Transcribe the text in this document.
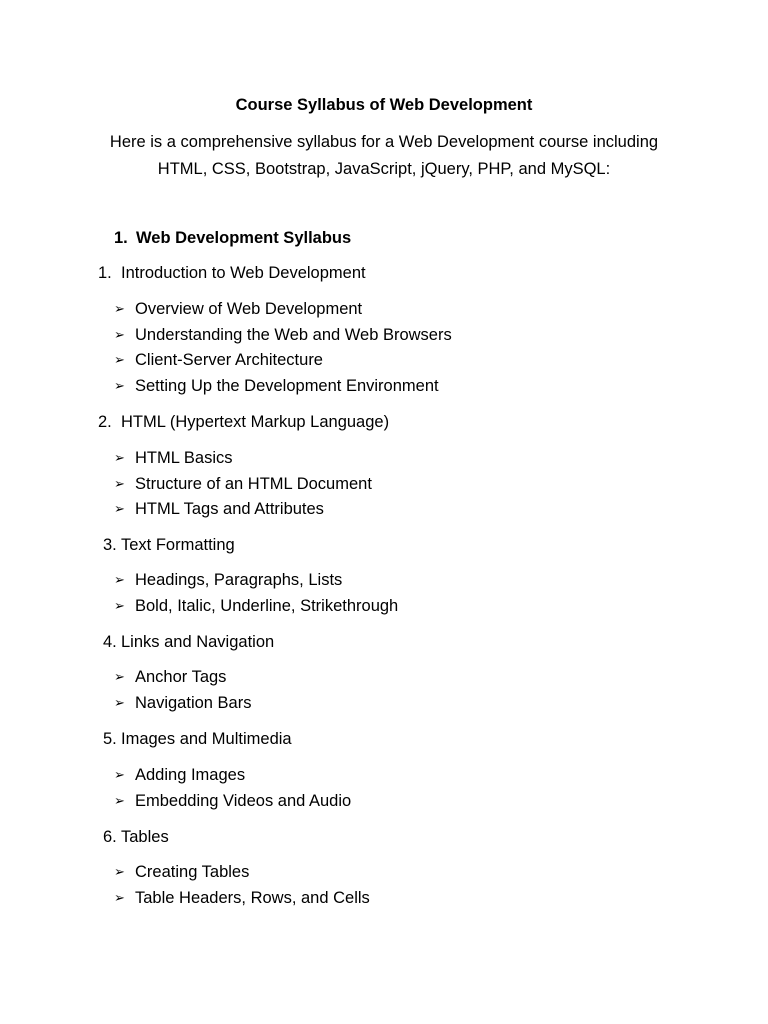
Course Syllabus of Web Development
Here is a comprehensive syllabus for a Web Development course including
HTML, CSS, Bootstrap, JavaScript, jQuery, PHP, and MySQL:
1. Web Development Syllabus
1. Introduction to Web Development
➢ Overview of Web Development
➢ Understanding the Web and Web Browsers
➢ Client-Server Architecture
➢ Setting Up the Development Environment
2. HTML (Hypertext Markup Language)
➢ HTML Basics
➢ Structure of an HTML Document
➢ HTML Tags and Attributes
3. Text Formatting
➢ Headings, Paragraphs, Lists
➢ Bold, Italic, Underline, Strikethrough
4. Links and Navigation
➢ Anchor Tags
➢ Navigation Bars
5. Images and Multimedia
➢ Adding Images
➢ Embedding Videos and Audio
6. Tables
➢ Creating Tables
➢ Table Headers, Rows, and Cells
